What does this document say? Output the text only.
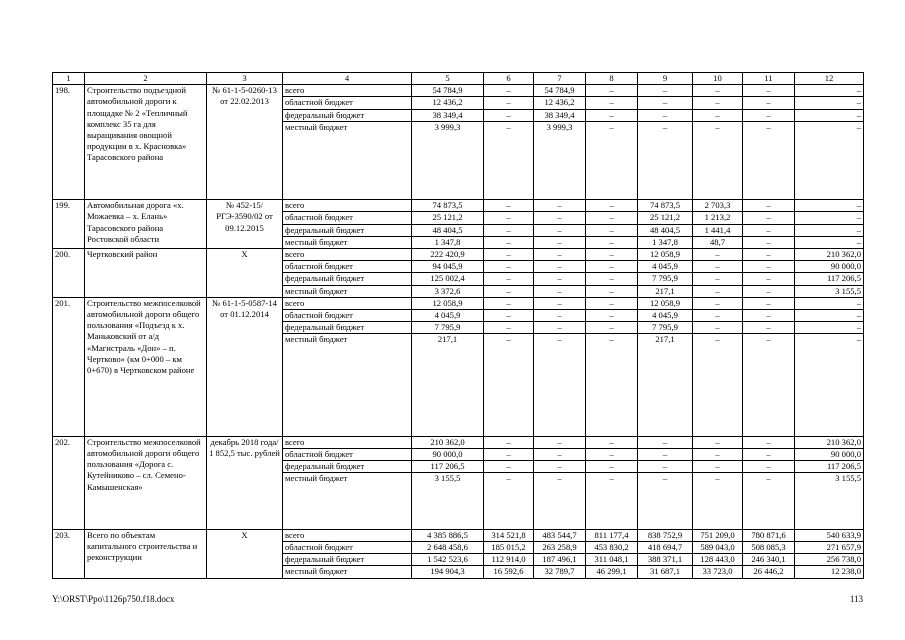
1	2	3	4	5	6	7	8	9	10	11	12
198.	Строительство подъездной автомобильной дороги к площадке № 2 «Тепличный комплекс 35 га для выращивания овощной продукции в х. Красновка» Тарасовского района	№ 61-1-5-0260-13 от 22.02.2013	всего	54 784,9	–	54 784,9	–	–	–	–	–
			областной бюджет	12 436,2	–	12 436,2	–	–	–	–	–
			федеральный бюджет	38 349,4	–	38 349,4	–	–	–	–	–
			местный бюджет	3 999,3	–	3 999,3	–	–	–	–	–
199.	Автомобильная дорога «х. Можаевка – х. Елань» Тарасовского района Ростовской области	№ 452-15/РГЭ-3590/02 от 09.12.2015	всего	74 873,5	–	–	–	74 873,5	2 703,3	–	–
			областной бюджет	25 121,2	–	–	–	25 121,2	1 213,2	–	–
			федеральный бюджет	48 404,5	–	–	–	48 404,5	1 441,4	–	–
			местный бюджет	1 347,8	–	–	–	1 347,8	48,7	–	–
200.	Чертковский район	Х	всего	222 420,9	–	–	–	12 058,9	–	–	210 362,0
			областной бюджет	94 045,9	–	–	–	4 045,9	–	–	90 000,0
			федеральный бюджет	125 002,4	–	–	–	7 795,9	–	–	117 206,5
			местный бюджет	3 372,6	–	–	–	217,1	–	–	3 155,5
201.	Строительство межпоселковой автомобильной дороги общего пользования «Подъезд к х. Маньковский от а/д «Магистраль «Дон» – п. Чертково» (км 0+000 – км 0+670) в Чертковском районе	№ 61-1-5-0587-14 от 01.12.2014	всего	12 058,9	–	–	–	12 058,9	–	–	–
			областной бюджет	4 045,9	–	–	–	4 045,9	–	–	–
			федеральный бюджет	7 795,9	–	–	–	7 795,9	–	–	–
			местный бюджет	217,1	–	–	–	217,1	–	–	–
202.	Строительство межпоселковой автомобильной дороги общего пользования «Дорога с. Кутейниково – сл. Семено-Камышенская»	декабрь 2018 года/ 1 852,5 тыс. рублей	всего	210 362,0	–	–	–	–	–	–	210 362,0
			областной бюджет	90 000,0	–	–	–	–	–	–	90 000,0
			федеральный бюджет	117 206,5	–	–	–	–	–	–	117 206,5
			местный бюджет	3 155,5	–	–	–	–	–	–	3 155,5
203.	Всего по объектам капитального строительства и реконструкции	Х	всего	4 385 886,5	314 521,8	483 544,7	811 177,4	838 752,9	751 209,0	780 871,6	540 633,9
			областной бюджет	2 648 458,6	185 015,2	263 258,9	453 830,2	418 694,7	589 043,0	508 085,3	271 657,9
			федеральный бюджет	1 542 523,6	112 914,0	187 496,1	311 048,1	388 371,1	128 443,0	246 340,1	256 738,0
			местный бюджет	194 904,3	16 592,6	32 789,7	46 299,1	31 687,1	33 723,0	26 446,2	12 238,0
Y:\ORST\Ppo\1126p750.f18.docx	113
